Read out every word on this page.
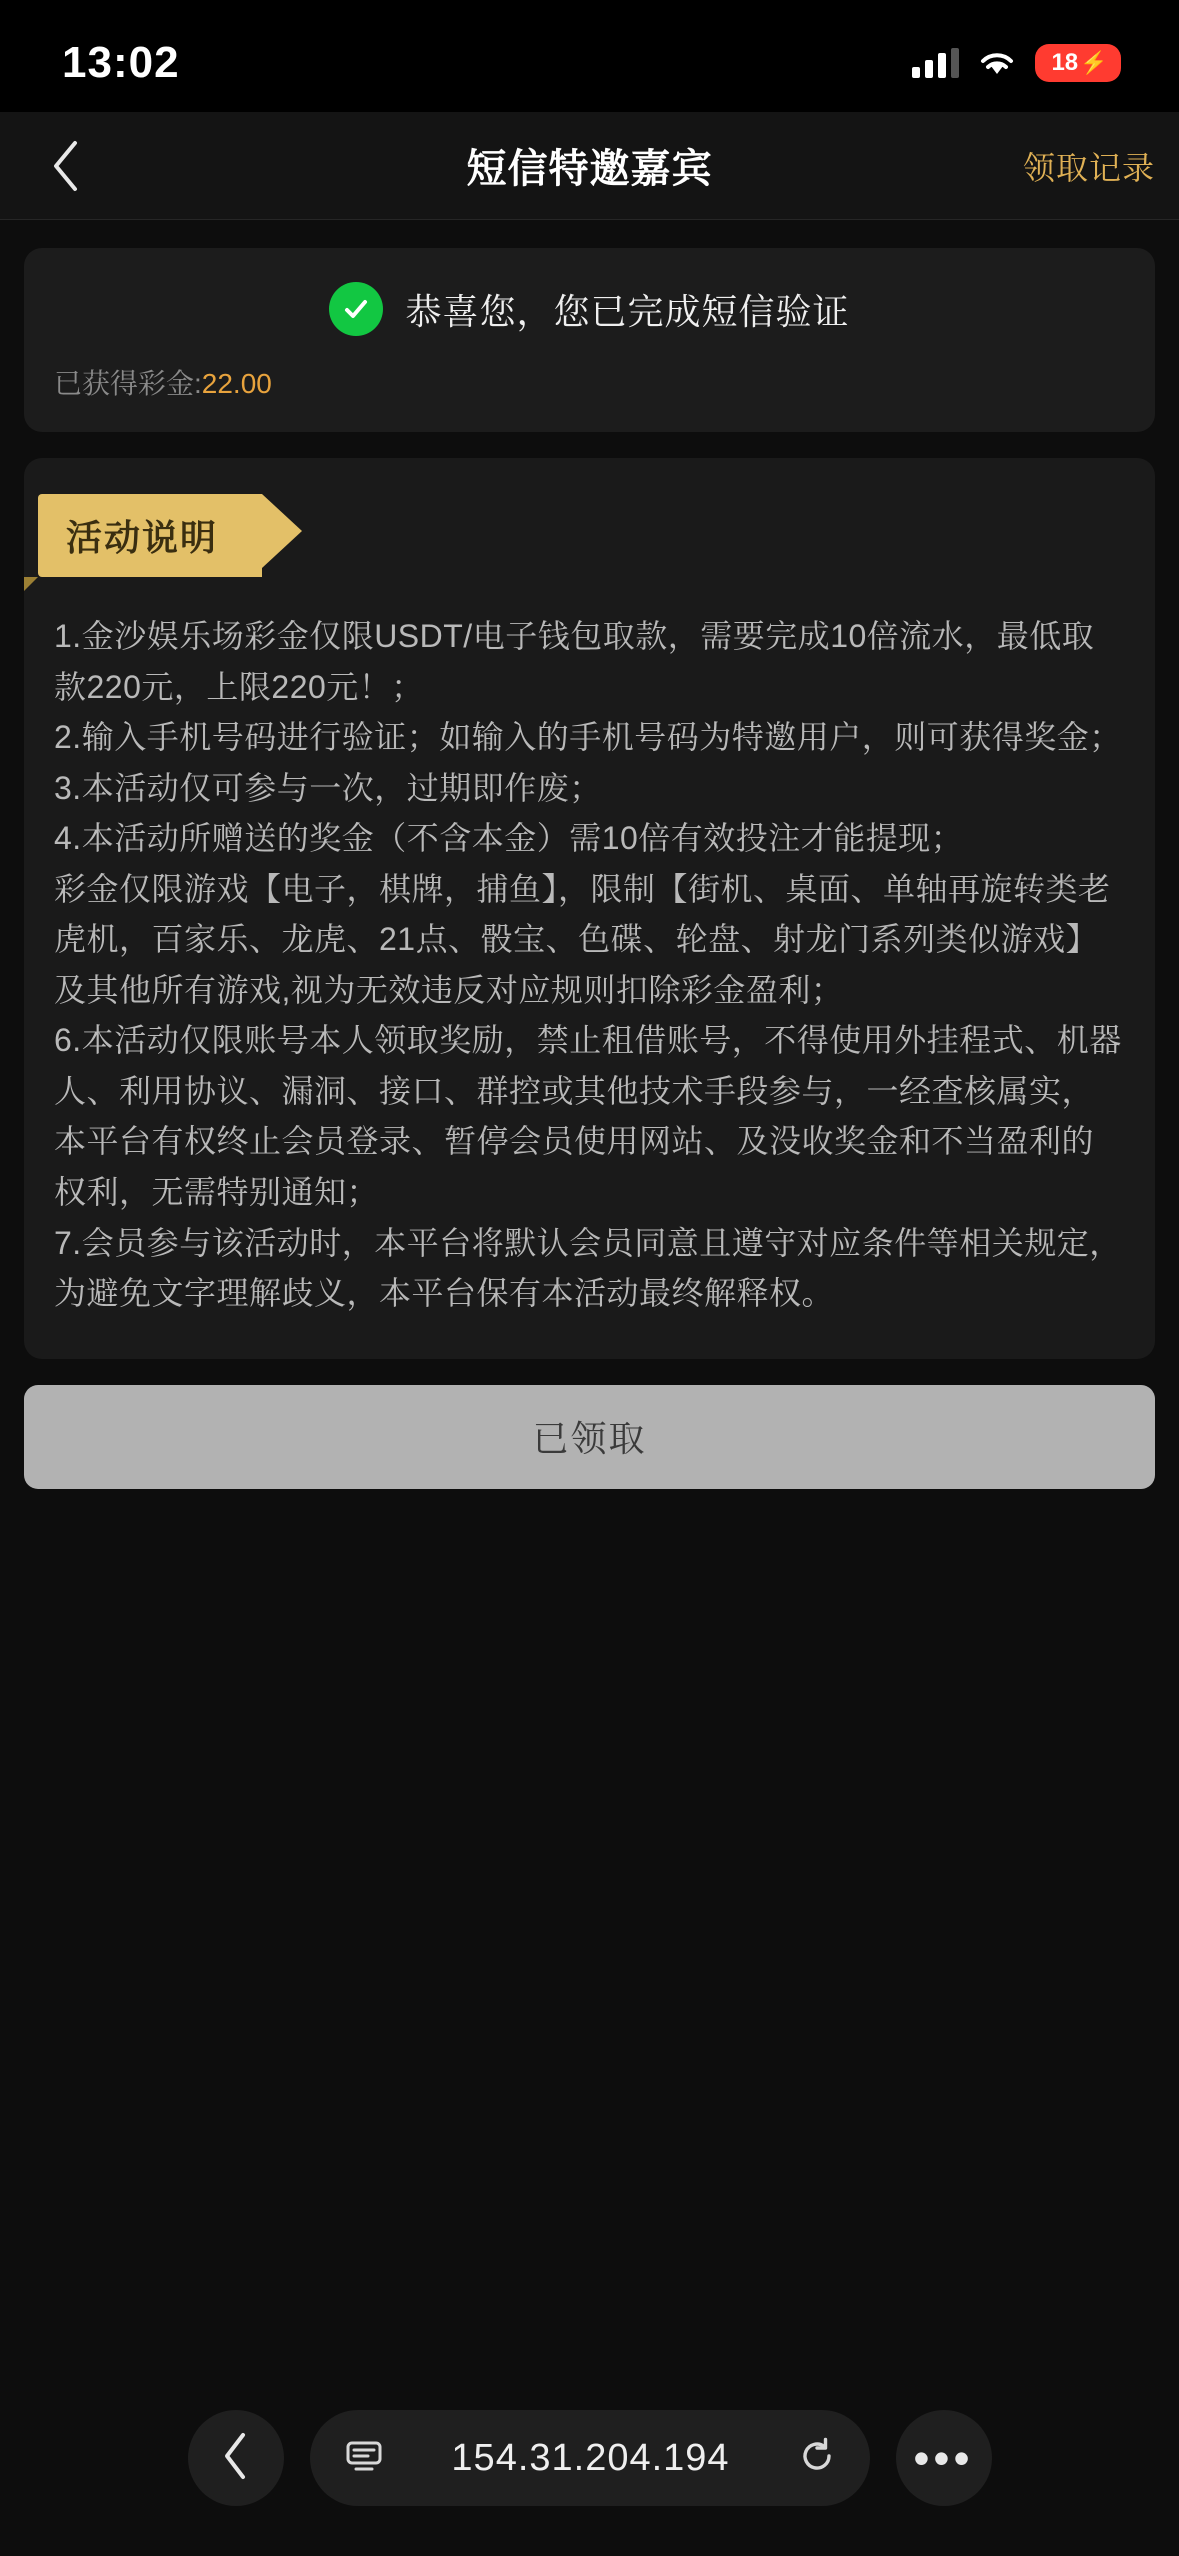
13:02	18 ⚡
短信特邀嘉宾	领取记录
恭喜您，您已完成短信验证
已获得彩金:22.00
活动说明

1.金沙娱乐场彩金仅限USDT/电子钱包取款，需要完成10倍流水，最低取款220元，上限220元！；

2.输入手机号码进行验证；如输入的手机号码为特邀用户，则可获得奖金；

3.本活动仅可参与一次，过期即作废；

4.本活动所赠送的奖金（不含本金）需10倍有效投注才能提现；

彩金仅限游戏【电子，棋牌，捕鱼】，限制【街机、桌面、单轴再旋转类老虎机，百家乐、龙虎、21点、骰宝、色碟、轮盘、射龙门系列类似游戏】及其他所有游戏,视为无效违反对应规则扣除彩金盈利；

6.本活动仅限账号本人领取奖励，禁止租借账号，不得使用外挂程式、机器人、利用协议、漏洞、接口、群控或其他技术手段参与，一经查核属实，本平台有权终止会员登录、暂停会员使用网站、及没收奖金和不当盈利的权利，无需特别通知；

7.会员参与该活动时，本平台将默认会员同意且遵守对应条件等相关规定，为避免文字理解歧义，本平台保有本活动最终解释权。

已领取
154.31.204.194	•••
